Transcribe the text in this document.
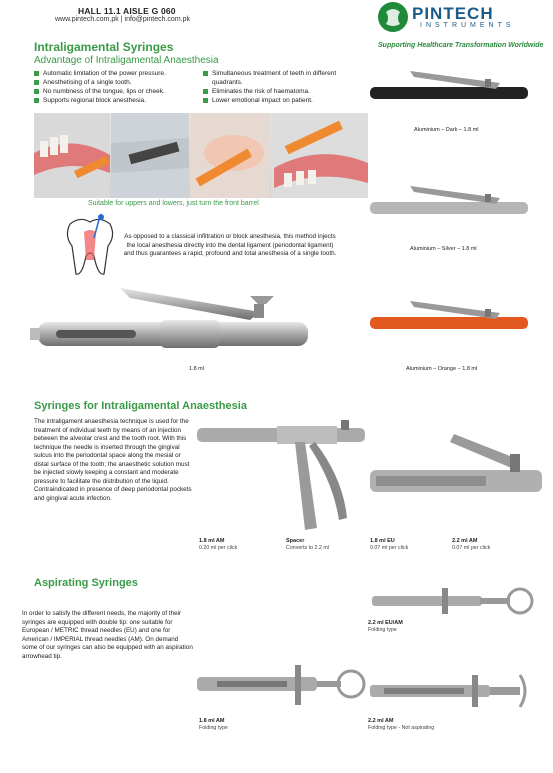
HALL 11.1 AISLE G 060
www.pintech.com.pk | info@pintech.com.pk	PINTECH
INSTRUMENTS
Supporting Healthcare Transformation Worldwide
Intraligamental Syringes
Advantage of Intraligamental Anaesthesia
Automatic limitation of the power pressure.
Anesthetising of a single tooth.
No numbness of the tongue, lips or cheek.
Supports regional block anesthesia.
Simultaneous treatment of teeth in different quadrants.
Eliminates the risk of haematoma.
Lower emotional impact on patient.
Suitable for uppers and lowers, just turn the front barrel
As opposed to a classical infiltration or block anesthesia, this method injects the local anesthesia directly into the dental ligament (periodontal ligament) and thus guarantees a rapid, profound and total anesthesia of a single tooth.
1.8 ml
Aluminium – Dark – 1.8 ml
Aluminium – Silver – 1.8 ml
Aluminium – Orange – 1.8 ml
Syringes for Intraligamental Anaesthesia
The intraligament anaesthesia technique is used for the treatment of individual teeth by means of an injection between the alveolar crest and the tooth root. With this technique the needle is inserted through the gingival sulcus into the periodontal space along the mesial or distal surface of the tooth; the anaesthetic solution must be injected slowly keeping a constant and moderate pressure to facilitate the distribution of the liquid. Contraindicated in presence of deep periodontal pockets and gingival acute infection.
1.8 ml AM
0.20 ml per click
Spacer
Converts to 2.2 ml
1.8 ml EU
0.07 ml per click
2.2 ml AM
0.07 ml per click
Aspirating Syringes
In order to satisfy the different needs, the majority of their syringes are equipped with double tip: one suitable for European / METRIC thread needles (EU) and one for American / IMPERIAL thread needles (AM). On demand some of our syringes can also be equipped with an aspiration arrowhead tip.
2.2 ml EU/AM
Folding type
1.8 ml AM
Folding type
2.2 ml AM
Folding type - Not aspirating
